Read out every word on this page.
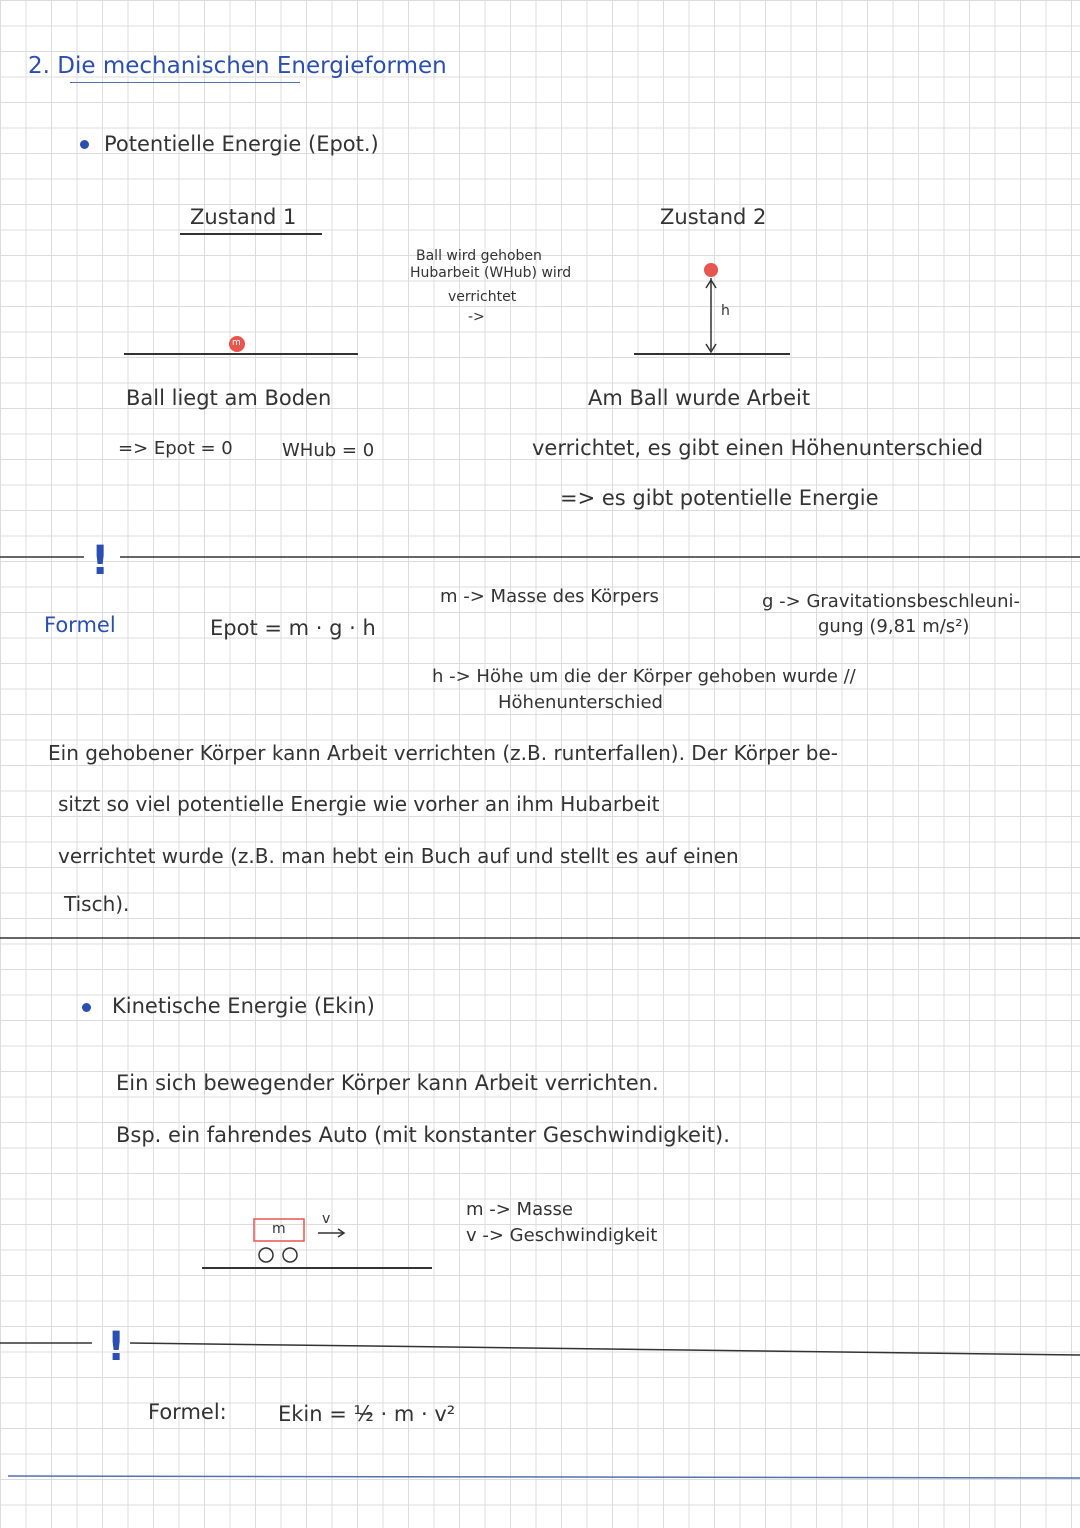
2. Die mechanischen Energieformen
Potentielle Energie (Epot.)
Zustand 1
Ball wird gehoben
Hubarbeit (WHub) wird
verrichtet
->
Zustand 2
m
h
Ball liegt am Boden
=> Epot = 0	WHub = 0
Am Ball wurde Arbeit
verrichtet, es gibt einen Höhenunterschied
=> es gibt potentielle Energie
!
Formel	Epot = m · g · h
m -> Masse des Körpers	g -> Gravitationsbeschleuni-
gung (9,81 m/s²)
h -> Höhe um die der Körper gehoben wurde //
Höhenunterschied
Ein gehobener Körper kann Arbeit verrichten (z.B. runterfallen). Der Körper be-
sitzt so viel potentielle Energie wie vorher an ihm Hubarbeit
verrichtet wurde (z.B. man hebt ein Buch auf und stellt es auf einen
Tisch).
Kinetische Energie (Ekin)
Ein sich bewegender Körper kann Arbeit verrichten.
Bsp. ein fahrendes Auto (mit konstanter Geschwindigkeit).
m
v	m -> Masse
v -> Geschwindigkeit
!
Formel: Ekin = ½ · m · v²
